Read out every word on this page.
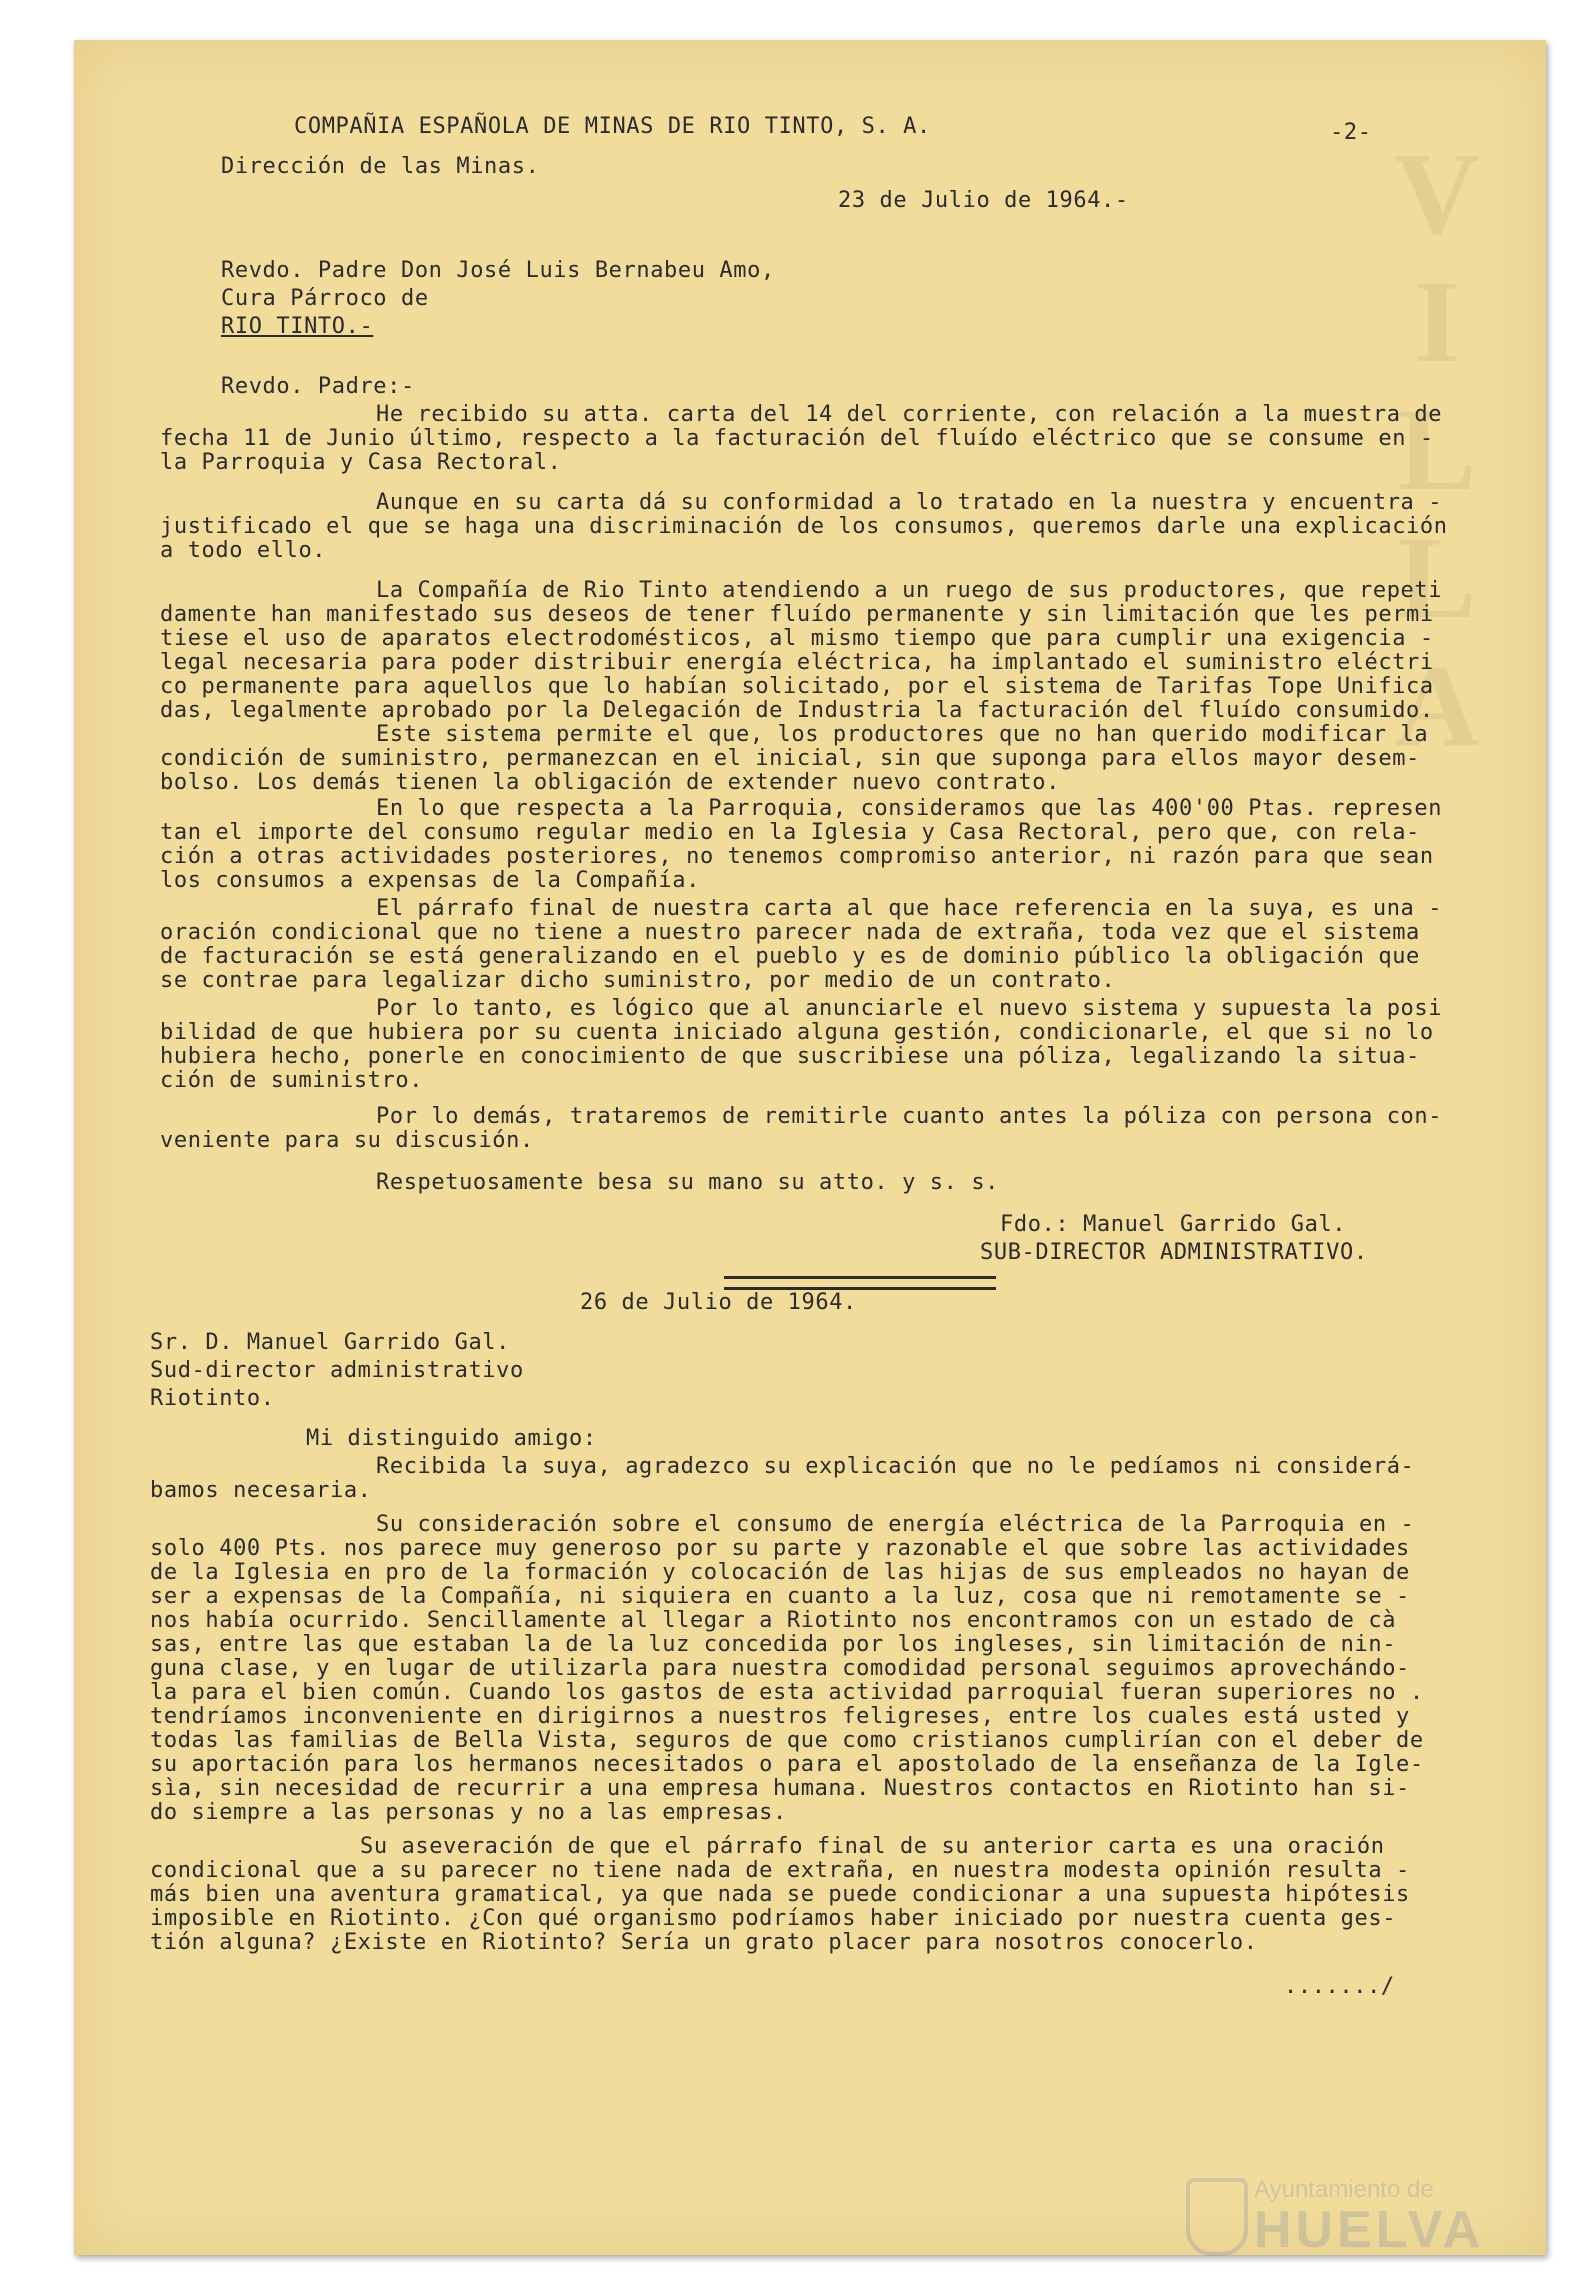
V
I
L
L
A
COMPAÑIA ESPAÑOLA DE MINAS DE RIO TINTO, S. A.	-2-
Dirección de las Minas.
23 de Julio de 1964.-
Revdo. Padre Don José Luis Bernabeu Amo,
Cura Párroco de
RIO TINTO.-
Revdo. Padre:-
He recibido su atta. carta del 14 del corriente, con relación a la muestra de
fecha 11 de Junio último, respecto a la facturación del fluído eléctrico que se consume en -
la Parroquia y Casa Rectoral.
Aunque en su carta dá su conformidad a lo tratado en la nuestra y encuentra -
justificado el que se haga una discriminación de los consumos, queremos darle una explicación
a todo ello.
La Compañía de Rio Tinto atendiendo a un ruego de sus productores, que repeti
damente han manifestado sus deseos de tener fluído permanente y sin limitación que les permi
tiese el uso de aparatos electrodomésticos, al mismo tiempo que para cumplir una exigencia -
legal necesaria para poder distribuir energía eléctrica, ha implantado el suministro eléctri
co permanente para aquellos que lo habían solicitado, por el sistema de Tarifas Tope Unifica
das, legalmente aprobado por la Delegación de Industria la facturación del fluído consumido.
Este sistema permite el que, los productores que no han querido modificar la
condición de suministro, permanezcan en el inicial, sin que suponga para ellos mayor desem-
bolso. Los demás tienen la obligación de extender nuevo contrato.
En lo que respecta a la Parroquia, consideramos que las 400'00 Ptas. represen
tan el importe del consumo regular medio en la Iglesia y Casa Rectoral, pero que, con rela-
ción a otras actividades posteriores, no tenemos compromiso anterior, ni razón para que sean
los consumos a expensas de la Compañía.
El párrafo final de nuestra carta al que hace referencia en la suya, es una -
oración condicional que no tiene a nuestro parecer nada de extraña, toda vez que el sistema
de facturación se está generalizando en el pueblo y es de dominio público la obligación que
se contrae para legalizar dicho suministro, por medio de un contrato.
Por lo tanto, es lógico que al anunciarle el nuevo sistema y supuesta la posi
bilidad de que hubiera por su cuenta iniciado alguna gestión, condicionarle, el que si no lo
hubiera hecho, ponerle en conocimiento de que suscribiese una póliza, legalizando la situa-
ción de suministro.
Por lo demás, trataremos de remitirle cuanto antes la póliza con persona con-
veniente para su discusión.
Respetuosamente besa su mano su atto. y s. s.
Fdo.: Manuel Garrido Gal.
SUB-DIRECTOR ADMINISTRATIVO.
26 de Julio de 1964.
Sr. D. Manuel Garrido Gal.
Sud-director administrativo
Riotinto.
Mi distinguido amigo:
Recibida la suya, agradezco su explicación que no le pedíamos ni considerá-
bamos necesaria.
Su consideración sobre el consumo de energía eléctrica de la Parroquia en -
solo 400 Pts. nos parece muy generoso por su parte y razonable el que sobre las actividades
de la Iglesia en pro de la formación y colocación de las hijas de sus empleados no hayan de
ser a expensas de la Compañía, ni siquiera en cuanto a la luz, cosa que ni remotamente se -
nos había ocurrido. Sencillamente al llegar a Riotinto nos encontramos con un estado de cà
sas, entre las que estaban la de la luz concedida por los ingleses, sin limitación de nin-
guna clase, y en lugar de utilizarla para nuestra comodidad personal seguimos aprovechándo-
la para el bien común. Cuando los gastos de esta actividad parroquial fueran superiores no .
tendríamos inconveniente en dirigirnos a nuestros feligreses, entre los cuales está usted y
todas las familias de Bella Vista, seguros de que como cristianos cumplirían con el deber de
su aportación para los hermanos necesitados o para el apostolado de la enseñanza de la Igle-
sìa, sin necesidad de recurrir a una empresa humana. Nuestros contactos en Riotinto han si-
do siempre a las personas y no a las empresas.
Su aseveración de que el párrafo final de su anterior carta es una oración
condicional que a su parecer no tiene nada de extraña, en nuestra modesta opinión resulta -
más bien una aventura gramatical, ya que nada se puede condicionar a una supuesta hipótesis
imposible en Riotinto. ¿Con qué organismo podríamos haber iniciado por nuestra cuenta ges-
tión alguna? ¿Existe en Riotinto? Sería un grato placer para nosotros conocerlo.
......./
Ayuntamiento de
HUELVA
